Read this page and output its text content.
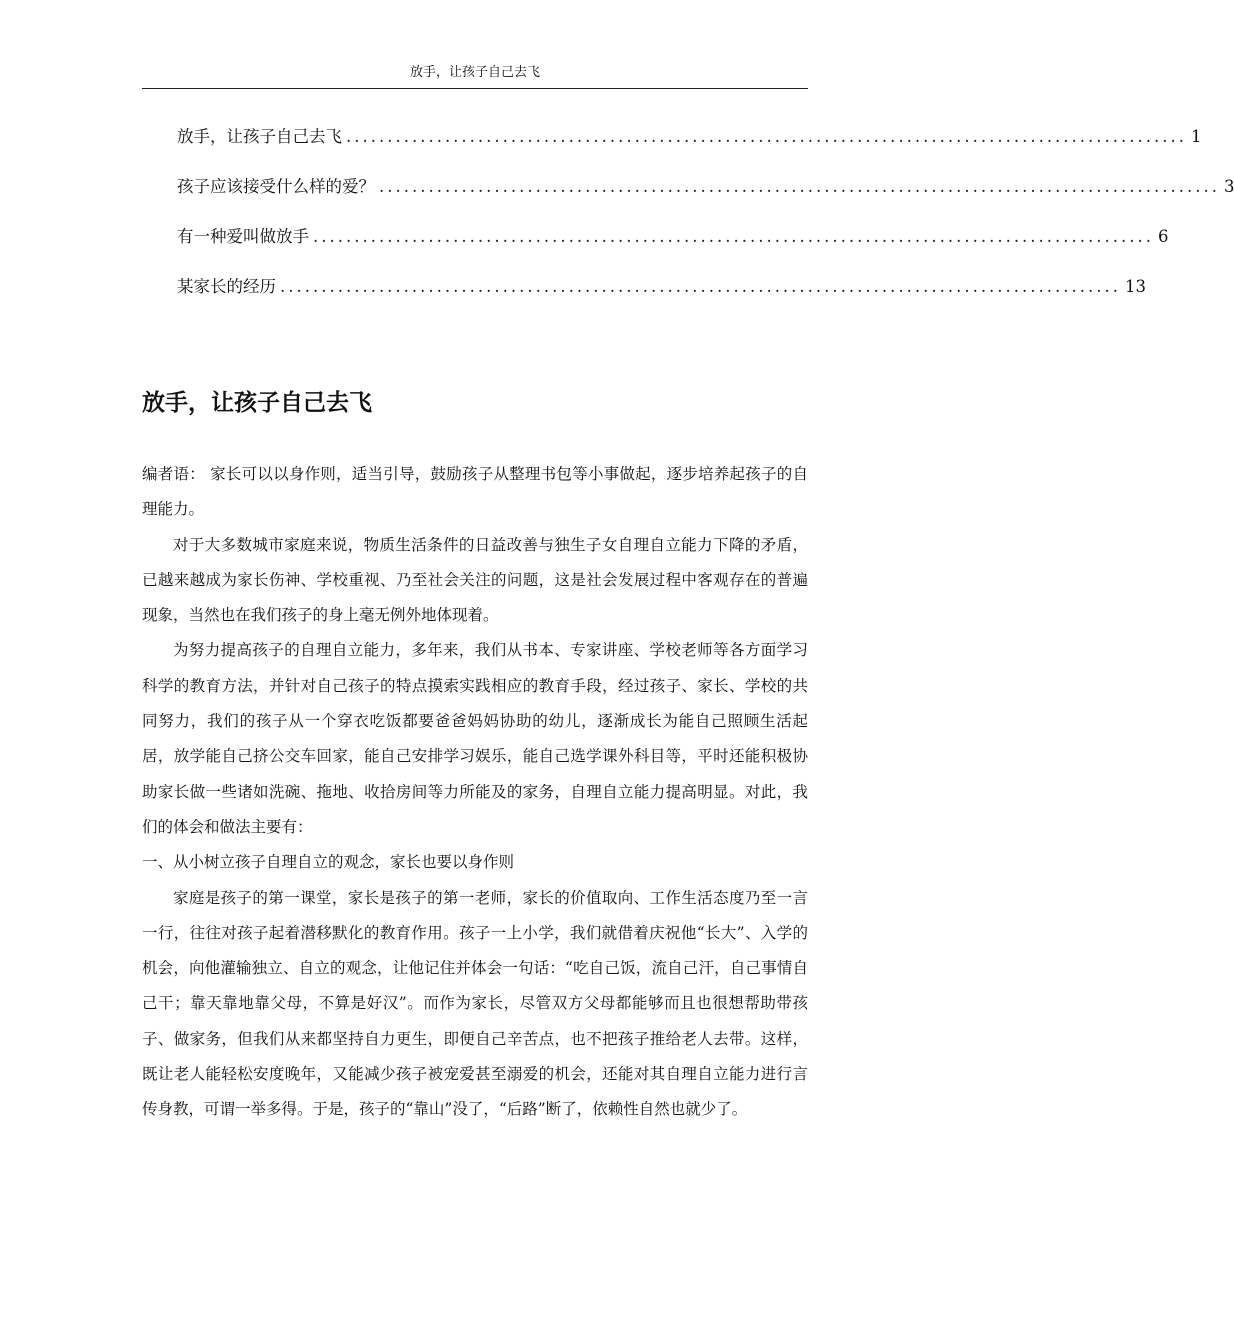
放手，让孩子自己去飞
放手，让孩子自己去飞 ...................................................................................................... 1
孩子应该接受什么样的爱？ ...................................................................................................... 3
有一种爱叫做放手 ...................................................................................................... 6
某家长的经历 ...................................................................................................... 13
放手，让孩子自己去飞

编者语： 家长可以以身作则，适当引导，鼓励孩子从整理书包等小事做起，逐步培养起孩子的自理能力。

对于大多数城市家庭来说，物质生活条件的日益改善与独生子女自理自立能力下降的矛盾，已越来越成为家长伤神、学校重视、乃至社会关注的问题，这是社会发展过程中客观存在的普遍现象，当然也在我们孩子的身上毫无例外地体现着。

为努力提高孩子的自理自立能力，多年来，我们从书本、专家讲座、学校老师等各方面学习科学的教育方法，并针对自己孩子的特点摸索实践相应的教育手段，经过孩子、家长、学校的共同努力，我们的孩子从一个穿衣吃饭都要爸爸妈妈协助的幼儿，逐渐成长为能自己照顾生活起居，放学能自己挤公交车回家，能自己安排学习娱乐，能自己选学课外科目等，平时还能积极协助家长做一些诸如洗碗、拖地、收拾房间等力所能及的家务，自理自立能力提高明显。对此，我们的体会和做法主要有：

一、从小树立孩子自理自立的观念，家长也要以身作则

家庭是孩子的第一课堂，家长是孩子的第一老师，家长的价值取向、工作生活态度乃至一言一行，往往对孩子起着潜移默化的教育作用。孩子一上小学，我们就借着庆祝他“长大”、入学的机会，向他灌输独立、自立的观念，让他记住并体会一句话：“吃自己饭，流自己汗，自己事情自己干；靠天靠地靠父母，不算是好汉”。而作为家长，尽管双方父母都能够而且也很想帮助带孩子、做家务，但我们从来都坚持自力更生，即便自己辛苦点，也不把孩子推给老人去带。这样，既让老人能轻松安度晚年，又能减少孩子被宠爱甚至溺爱的机会，还能对其自理自立能力进行言传身教，可谓一举多得。于是，孩子的“靠山”没了，“后路”断了，依赖性自然也就少了。
